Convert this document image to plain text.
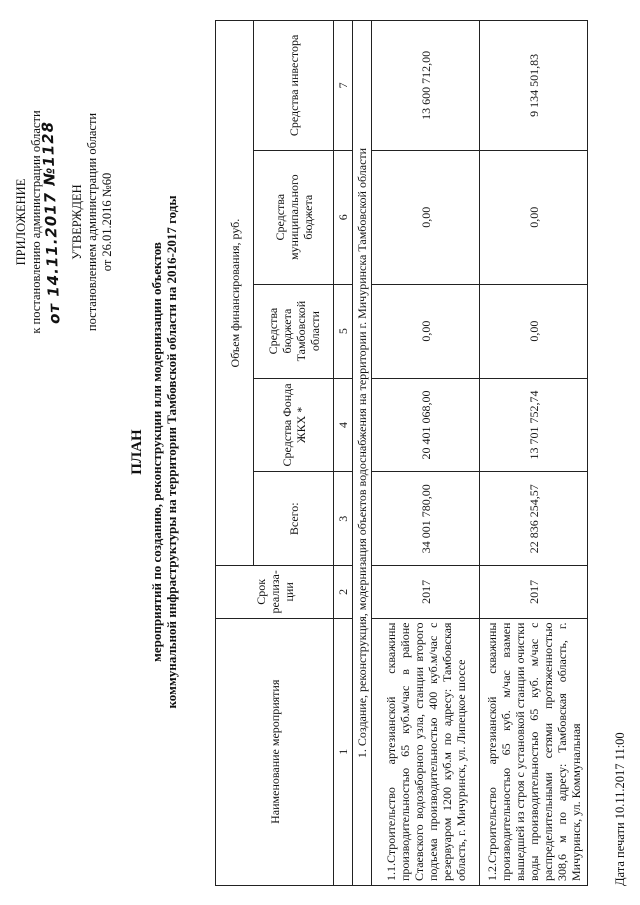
ПРИЛОЖЕНИЕ к постановлению администрации области
от 14.11.2017 №1128 УТВЕРЖДЕН постановлением администрации области от 26.01.2016 №60
ПЛАН мероприятий по созданию, реконструкции или модернизации объектов коммунальной инфраструктуры на территории Тамбовской области на 2016-2017 годы
Наименование мероприятия	Срок реализа-ции	Объем финансирования, руб.				
		Всего:	Средства Фонда ЖКХ *	Средства бюджета Тамбовской области	Средства муниципального бюджета	Средства инвестора
1	2	3	4	5	6	7
1. Создание, реконструкция, модернизация объектов водоснабжения на территории г. Мичуринска Тамбовской области						
1.1.Строительство артезианской скважины производительностью 65 куб.м/час в районе Стаевского водозаборного узла, станции второго подъема производительностью 400 куб.м/час с резервуаром 1200 куб.м по адресу: Тамбовская область, г. Мичуринск, ул. Липецкое шоссе	2017	34 001 780,00	20 401 068,00	0,00	0,00	13 600 712,00
1.2.Строительство артезианской скважины производительностью 65 куб. м/час взамен вышедшей из строя с установкой станции очистки воды производительностью 65 куб. м/час с распределительными сетями протяженностью 308,6 м по адресу: Тамбовская область, г. Мичуринск, ул. Коммунальная	2017	22 836 254,57	13 701 752,74	0,00	0,00	9 134 501,83
Дата печати 10.11.2017 11:00
